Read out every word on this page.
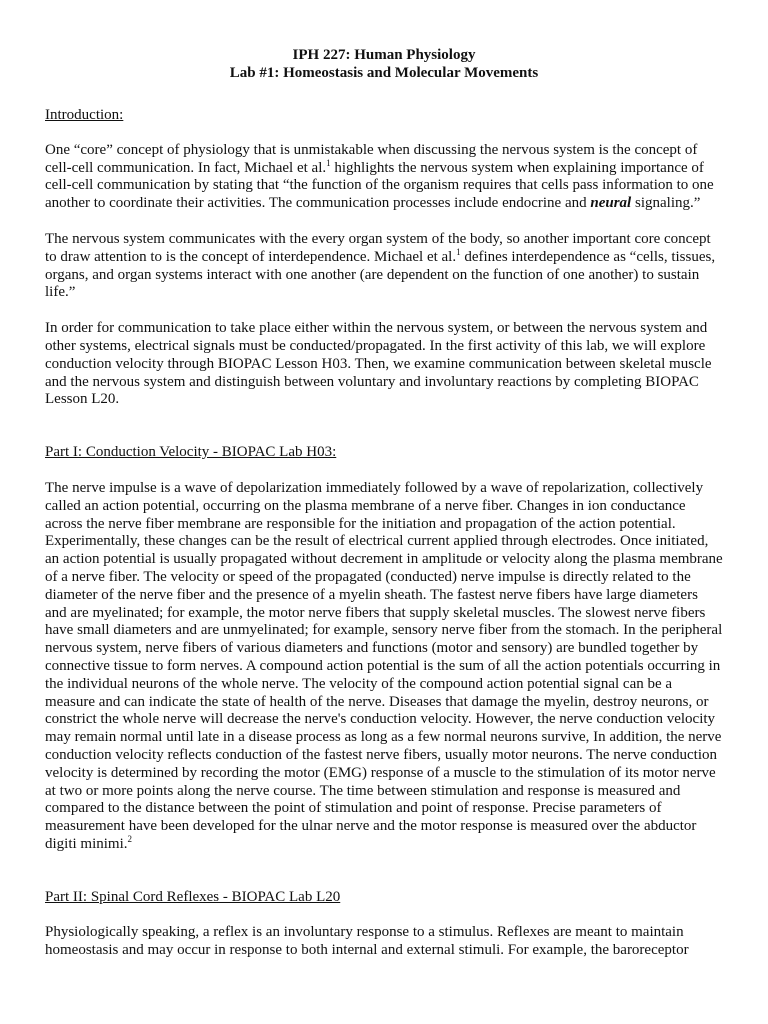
IPH 227: Human Physiology

Lab #1: Homeostasis and Molecular Movements

Introduction:

One “core” concept of physiology that is unmistakable when discussing the nervous system is the concept of cell-cell communication. In fact, Michael et al.$^1$ highlights the nervous system when explaining importance of cell-cell communication by stating that “the function of the organism requires that cells pass information to one another to coordinate their activities. The communication processes include endocrine and neural signaling.”

The nervous system communicates with the every organ system of the body, so another important core concept to draw attention to is the concept of interdependence. Michael et al.$^1$ defines interdependence as “cells, tissues, organs, and organ systems interact with one another (are dependent on the function of one another) to sustain life.”

In order for communication to take place either within the nervous system, or between the nervous system and other systems, electrical signals must be conducted/propagated. In the first activity of this lab, we will explore conduction velocity through BIOPAC Lesson H03. Then, we examine communication between skeletal muscle and the nervous system and distinguish between voluntary and involuntary reactions by completing BIOPAC Lesson L20.

Part I: Conduction Velocity - BIOPAC Lab H03:

The nerve impulse is a wave of depolarization immediately followed by a wave of repolarization, collectively called an action potential, occurring on the plasma membrane of a nerve fiber. Changes in ion conductance across the nerve fiber membrane are responsible for the initiation and propagation of the action potential. Experimentally, these changes can be the result of electrical current applied through electrodes. Once initiated, an action potential is usually propagated without decrement in amplitude or velocity along the plasma membrane of a nerve fiber. The velocity or speed of the propagated (conducted) nerve impulse is directly related to the diameter of the nerve fiber and the presence of a myelin sheath. The fastest nerve fibers have large diameters and are myelinated; for example, the motor nerve fibers that supply skeletal muscles. The slowest nerve fibers have small diameters and are unmyelinated; for example, sensory nerve fiber from the stomach. In the peripheral nervous system, nerve fibers of various diameters and functions (motor and sensory) are bundled together by connective tissue to form nerves. A compound action potential is the sum of all the action potentials occurring in the individual neurons of the whole nerve. The velocity of the compound action potential signal can be a measure and can indicate the state of health of the nerve. Diseases that damage the myelin, destroy neurons, or constrict the whole nerve will decrease the nerve's conduction velocity. However, the nerve conduction velocity may remain normal until late in a disease process as long as a few normal neurons survive, In addition, the nerve conduction velocity reflects conduction of the fastest nerve fibers, usually motor neurons. The nerve conduction velocity is determined by recording the motor (EMG) response of a muscle to the stimulation of its motor nerve at two or more points along the nerve course. The time between stimulation and response is measured and compared to the distance between the point of stimulation and point of response. Precise parameters of measurement have been developed for the ulnar nerve and the motor response is measured over the abductor digiti minimi.$^2$

Part II: Spinal Cord Reflexes - BIOPAC Lab L20

Physiologically speaking, a reflex is an involuntary response to a stimulus. Reflexes are meant to maintain homeostasis and may occur in response to both internal and external stimuli. For example, the baroreceptor
